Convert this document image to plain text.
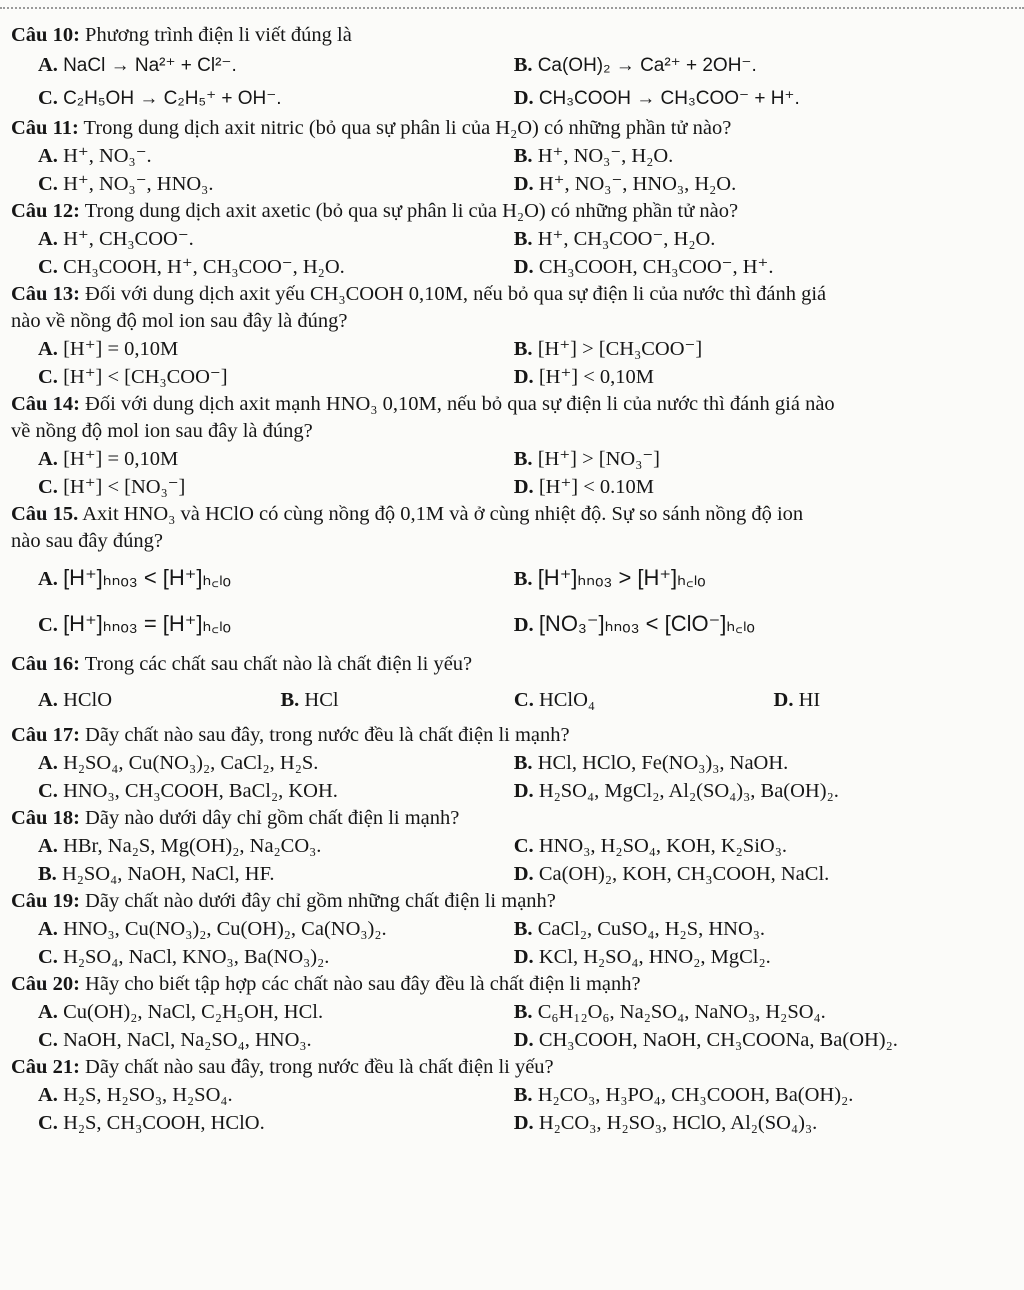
Câu 10: Phương trình điện li viết đúng là
A. NaCl → Na²⁺ + Cl²⁻.	B. Ca(OH)₂ → Ca²⁺ + 2OH⁻.
C. C₂H₅OH → C₂H₅⁺ + OH⁻.	D. CH₃COOH → CH₃COO⁻ + H⁺.
Câu 11: Trong dung dịch axit nitric (bỏ qua sự phân li của H₂O) có những phần tử nào?
A. H⁺, NO₃⁻.	B. H⁺, NO₃⁻, H₂O.
C. H⁺, NO₃⁻, HNO₃.	D. H⁺, NO₃⁻, HNO₃, H₂O.
Câu 12: Trong dung dịch axit axetic (bỏ qua sự phân li của H₂O) có những phần tử nào?
A. H⁺, CH₃COO⁻.	B. H⁺, CH₃COO⁻, H₂O.
C. CH₃COOH, H⁺, CH₃COO⁻, H₂O.	D. CH₃COOH, CH₃COO⁻, H⁺.
Câu 13: Đối với dung dịch axit yếu CH₃COOH 0,10M, nếu bỏ qua sự điện li của nước thì đánh giá
nào về nồng độ mol ion sau đây là đúng?
A. [H⁺] = 0,10M	B. [H⁺] > [CH₃COO⁻]
C. [H⁺] < [CH₃COO⁻]	D. [H⁺] < 0,10M
Câu 14: Đối với dung dịch axit mạnh HNO₃ 0,10M, nếu bỏ qua sự điện li của nước thì đánh giá nào
về nồng độ mol ion sau đây là đúng?
A. [H⁺] = 0,10M	B. [H⁺] > [NO₃⁻]
C. [H⁺] < [NO₃⁻]	D. [H⁺] < 0.10M
Câu 15. Axit HNO₃ và HClO có cùng nồng độ 0,1M và ở cùng nhiệt độ. Sự so sánh nồng độ ion
nào sau đây đúng?
A. [H⁺]ₕₙₒ₃ < [H⁺]ₕ꜀ₗₒ	B. [H⁺]ₕₙₒ₃ > [H⁺]ₕ꜀ₗₒ
C. [H⁺]ₕₙₒ₃ = [H⁺]ₕ꜀ₗₒ	D. [NO₃⁻]ₕₙₒ₃ < [ClO⁻]ₕ꜀ₗₒ
Câu 16: Trong các chất sau chất nào là chất điện li yếu?
A. HClO	B. HCl	C. HClO₄	D. HI
Câu 17: Dãy chất nào sau đây, trong nước đều là chất điện li mạnh?
A. H₂SO₄, Cu(NO₃)₂, CaCl₂, H₂S.	B. HCl, HClO, Fe(NO₃)₃, NaOH.
C. HNO₃, CH₃COOH, BaCl₂, KOH.	D. H₂SO₄, MgCl₂, Al₂(SO₄)₃, Ba(OH)₂.
Câu 18: Dãy nào dưới dây chỉ gồm chất điện li mạnh?
A. HBr, Na₂S, Mg(OH)₂, Na₂CO₃.	C. HNO₃, H₂SO₄, KOH, K₂SiO₃.
B. H₂SO₄, NaOH, NaCl, HF.	D. Ca(OH)₂, KOH, CH₃COOH, NaCl.
Câu 19: Dãy chất nào dưới đây chỉ gồm những chất điện li mạnh?
A. HNO₃, Cu(NO₃)₂, Cu(OH)₂, Ca(NO₃)₂.	B. CaCl₂, CuSO₄, H₂S, HNO₃.
C. H₂SO₄, NaCl, KNO₃, Ba(NO₃)₂.	D. KCl, H₂SO₄, HNO₂, MgCl₂.
Câu 20: Hãy cho biết tập hợp các chất nào sau đây đều là chất điện li mạnh?
A. Cu(OH)₂, NaCl, C₂H₅OH, HCl.	B. C₆H₁₂O₆, Na₂SO₄, NaNO₃, H₂SO₄.
C. NaOH, NaCl, Na₂SO₄, HNO₃.	D. CH₃COOH, NaOH, CH₃COONa, Ba(OH)₂.
Câu 21: Dãy chất nào sau đây, trong nước đều là chất điện li yếu?
A. H₂S, H₂SO₃, H₂SO₄.	B. H₂CO₃, H₃PO₄, CH₃COOH, Ba(OH)₂.
C. H₂S, CH₃COOH, HClO.	D. H₂CO₃, H₂SO₃, HClO, Al₂(SO₄)₃.
